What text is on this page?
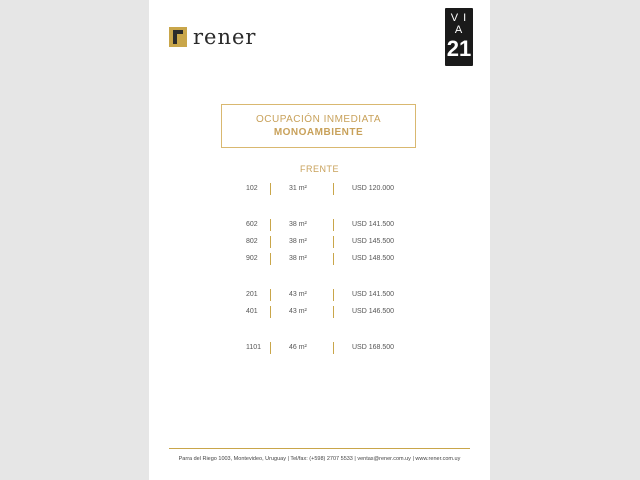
rener
V I A
21
OCUPACIÓN INMEDIATA
MONOAMBIENTE
FRENTE
102	31 m²	USD 120.000
602	38 m²	USD 141.500
802	38 m²	USD 145.500
902	38 m²	USD 148.500
201	43 m²	USD 141.500
401	43 m²	USD 146.500
1101	46 m²	USD 168.500
Parra del Riego 1003, Montevideo, Uruguay | Tel/fax: (+598) 2707 5533 | ventas@rener.com.uy | www.rener.com.uy
